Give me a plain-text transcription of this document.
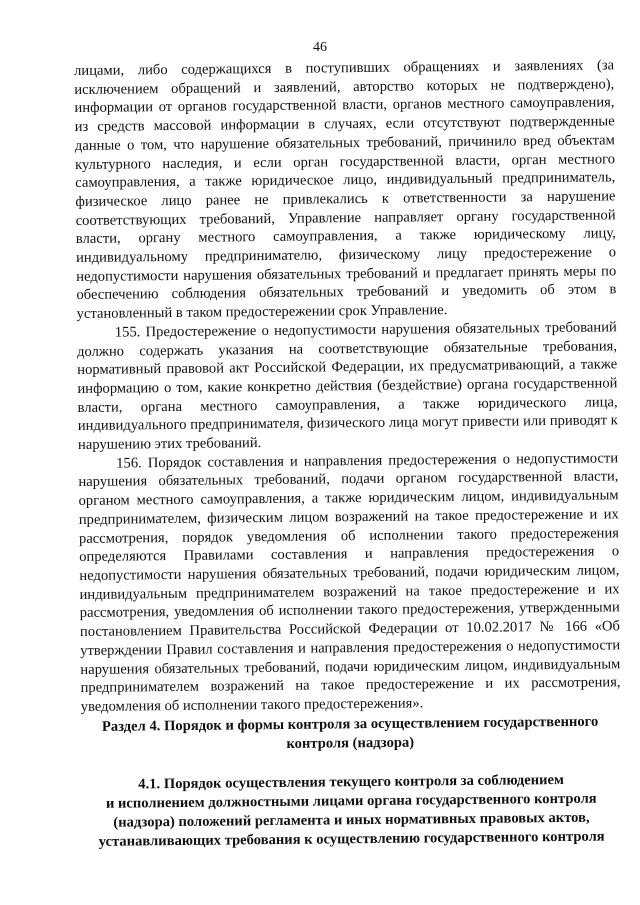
46

лицами, либо содержащихся в поступивших обращениях и заявлениях (за исключением обращений и заявлений, авторство которых не подтверждено), информации от органов государственной власти, органов местного самоуправления, из средств массовой информации в случаях, если отсутствуют подтвержденные данные о том, что нарушение обязательных требований, причинило вред объектам культурного наследия, и если орган государственной власти, орган местного самоуправления, а также юридическое лицо, индивидуальный предприниматель, физическое лицо ранее не привлекались к ответственности за нарушение соответствующих требований, Управление направляет органу государственной власти, органу местного самоуправления, а также юридическому лицу, индивидуальному предпринимателю, физическому лицу предостережение о недопустимости нарушения обязательных требований и предлагает принять меры по обеспечению соблюдения обязательных требований и уведомить об этом в установленный в таком предостережении срок Управление.

155. Предостережение о недопустимости нарушения обязательных требований должно содержать указания на соответствующие обязательные требования, нормативный правовой акт Российской Федерации, их предусматривающий, а также информацию о том, какие конкретно действия (бездействие) органа государственной власти, органа местного самоуправления, а также юридического лица, индивидуального предпринимателя, физического лица могут привести или приводят к нарушению этих требований.

156. Порядок составления и направления предостережения о недопустимости нарушения обязательных требований, подачи органом государственной власти, органом местного самоуправления, а также юридическим лицом, индивидуальным предпринимателем, физическим лицом возражений на такое предостережение и их рассмотрения, порядок уведомления об исполнении такого предостережения определяются Правилами составления и направления предостережения о недопустимости нарушения обязательных требований, подачи юридическим лицом, индивидуальным предпринимателем возражений на такое предостережение и их рассмотрения, уведомления об исполнении такого предостережения, утвержденными постановлением Правительства Российской Федерации от 10.02.2017 № 166 «Об утверждении Правил составления и направления предостережения о недопустимости нарушения обязательных требований, подачи юридическим лицом, индивидуальным предпринимателем возражений на такое предостережение и их рассмотрения, уведомления об исполнении такого предостережения».

Раздел 4. Порядок и формы контроля за осуществлением государственного контроля (надзора)
4.1. Порядок осуществления текущего контроля за соблюдением
и исполнением должностными лицами органа государственного контроля
(надзора) положений регламента и иных нормативных правовых актов,
устанавливающих требования к осуществлению государственного контроля
